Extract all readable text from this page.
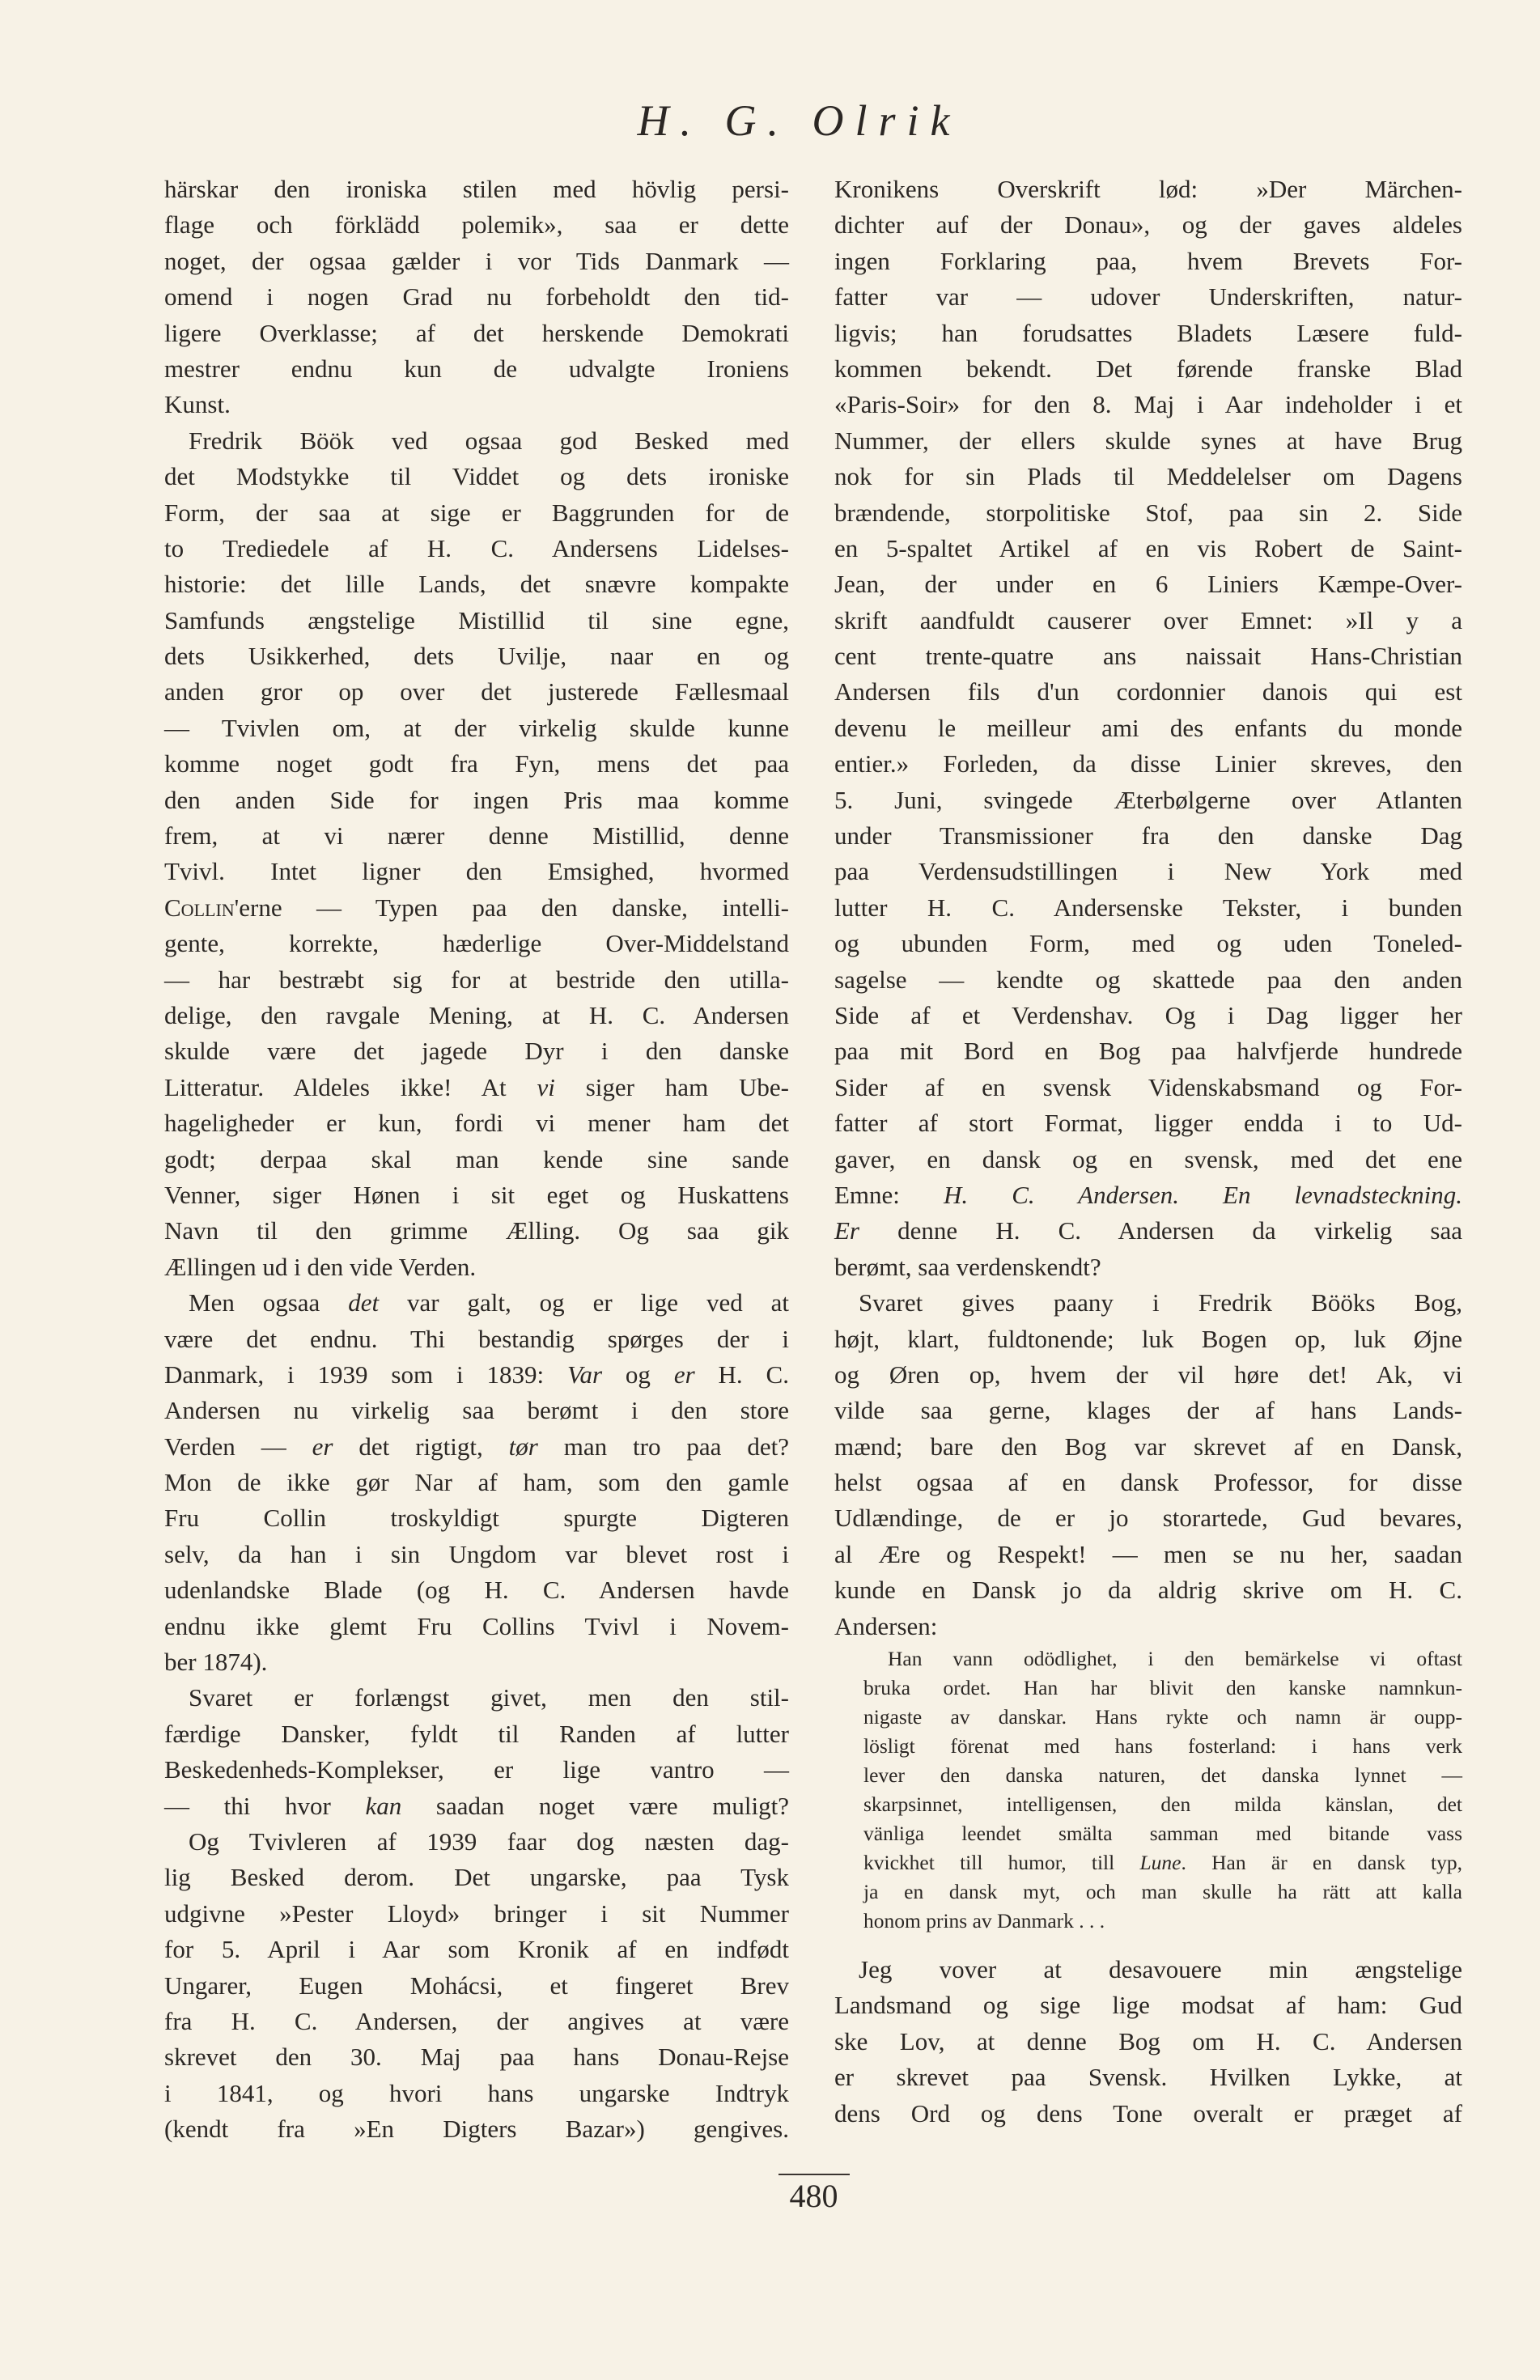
H. G. Olrik
härskar den ironiska stilen med hövlig persi-
flage och förklädd polemik», saa er dette
noget, der ogsaa gælder i vor Tids Danmark —
omend i nogen Grad nu forbeholdt den tid-
ligere Overklasse; af det herskende Demokrati
mestrer endnu kun de udvalgte Ironiens
Kunst.
Fredrik Böök ved ogsaa god Besked med
det Modstykke til Viddet og dets ironiske
Form, der saa at sige er Baggrunden for de
to Trediedele af H. C. Andersens Lidelses-
historie: det lille Lands, det snævre kompakte
Samfunds ængstelige Mistillid til sine egne,
dets Usikkerhed, dets Uvilje, naar en og
anden gror op over det justerede Fællesmaal
— Tvivlen om, at der virkelig skulde kunne
komme noget godt fra Fyn, mens det paa
den anden Side for ingen Pris maa komme
frem, at vi nærer denne Mistillid, denne
Tvivl. Intet ligner den Emsighed, hvormed
Collin'erne — Typen paa den danske, intelli-
gente, korrekte, hæderlige Over-Middelstand
— har bestræbt sig for at bestride den utilla-
delige, den ravgale Mening, at H. C. Andersen
skulde være det jagede Dyr i den danske
Litteratur. Aldeles ikke! At vi siger ham Ube-
hageligheder er kun, fordi vi mener ham det
godt; derpaa skal man kende sine sande
Venner, siger Hønen i sit eget og Huskattens
Navn til den grimme Ælling. Og saa gik
Ællingen ud i den vide Verden.
Men ogsaa det var galt, og er lige ved at
være det endnu. Thi bestandig spørges der i
Danmark, i 1939 som i 1839: Var og er H. C.
Andersen nu virkelig saa berømt i den store
Verden — er det rigtigt, tør man tro paa det?
Mon de ikke gør Nar af ham, som den gamle
Fru Collin troskyldigt spurgte Digteren
selv, da han i sin Ungdom var blevet rost i
udenlandske Blade (og H. C. Andersen havde
endnu ikke glemt Fru Collins Tvivl i Novem-
ber 1874).
Svaret er forlængst givet, men den stil-
færdige Dansker, fyldt til Randen af lutter
Beskedenheds-Komplekser, er lige vantro —
— thi hvor kan saadan noget være muligt?
Og Tvivleren af 1939 faar dog næsten dag-
lig Besked derom. Det ungarske, paa Tysk
udgivne »Pester Lloyd» bringer i sit Nummer
for 5. April i Aar som Kronik af en indfødt
Ungarer, Eugen Mohácsi, et fingeret Brev
fra H. C. Andersen, der angives at være
skrevet den 30. Maj paa hans Donau-Rejse
i 1841, og hvori hans ungarske Indtryk
(kendt fra »En Digters Bazar») gengives.
Kronikens Overskrift lød: »Der Märchen-
dichter auf der Donau», og der gaves aldeles
ingen Forklaring paa, hvem Brevets For-
fatter var — udover Underskriften, natur-
ligvis; han forudsattes Bladets Læsere fuld-
kommen bekendt. Det førende franske Blad
«Paris-Soir» for den 8. Maj i Aar indeholder i et
Nummer, der ellers skulde synes at have Brug
nok for sin Plads til Meddelelser om Dagens
brændende, storpolitiske Stof, paa sin 2. Side
en 5-spaltet Artikel af en vis Robert de Saint-
Jean, der under en 6 Liniers Kæmpe-Over-
skrift aandfuldt causerer over Emnet: »Il y a
cent trente-quatre ans naissait Hans-Christian
Andersen fils d'un cordonnier danois qui est
devenu le meilleur ami des enfants du monde
entier.» Forleden, da disse Linier skreves, den
5. Juni, svingede Æterbølgerne over Atlanten
under Transmissioner fra den danske Dag
paa Verdensudstillingen i New York med
lutter H. C. Andersenske Tekster, i bunden
og ubunden Form, med og uden Toneled-
sagelse — kendte og skattede paa den anden
Side af et Verdenshav. Og i Dag ligger her
paa mit Bord en Bog paa halvfjerde hundrede
Sider af en svensk Videnskabsmand og For-
fatter af stort Format, ligger endda i to Ud-
gaver, en dansk og en svensk, med det ene
Emne: H. C. Andersen. En levnadsteckning.
Er denne H. C. Andersen da virkelig saa
berømt, saa verdenskendt?
Svaret gives paany i Fredrik Bööks Bog,
højt, klart, fuldtonende; luk Bogen op, luk Øjne
og Øren op, hvem der vil høre det! Ak, vi
vilde saa gerne, klages der af hans Lands-
mænd; bare den Bog var skrevet af en Dansk,
helst ogsaa af en dansk Professor, for disse
Udlændinge, de er jo storartede, Gud bevares,
al Ære og Respekt! — men se nu her, saadan
kunde en Dansk jo da aldrig skrive om H. C.
Andersen:
Han vann odödlighet, i den bemärkelse vi oftast
bruka ordet. Han har blivit den kanske namnkun-
nigaste av danskar. Hans rykte och namn är oupp-
lösligt förenat med hans fosterland: i hans verk
lever den danska naturen, det danska lynnet —
skarpsinnet, intelligensen, den milda känslan, det
vänliga leendet smälta samman med bitande vass
kvickhet till humor, till Lune. Han är en dansk typ,
ja en dansk myt, och man skulle ha rätt att kalla
honom prins av Danmark . . .
Jeg vover at desavouere min ængstelige
Landsmand og sige lige modsat af ham: Gud
ske Lov, at denne Bog om H. C. Andersen
er skrevet paa Svensk. Hvilken Lykke, at
dens Ord og dens Tone overalt er præget af
480
